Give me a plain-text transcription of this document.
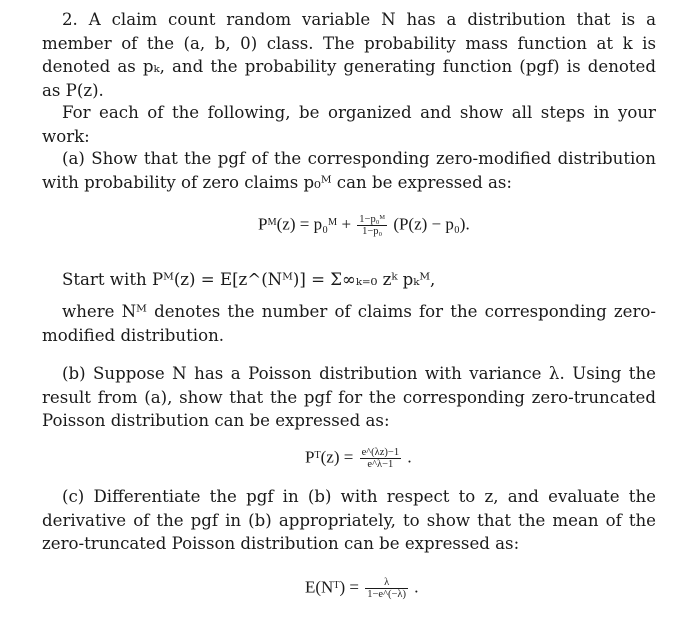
2. A claim count random variable N has a distribution that is a member of the (a, b, 0) class. The probability mass function at k is denoted as pₖ, and the probability generating function (pgf) is denoted as P(z).

For each of the following, be organized and show all steps in your work:

(a) Show that the pgf of the corresponding zero-modified distribution with probability of zero claims p₀ᴹ can be expressed as:

Pᴹ(z) = p₀ᴹ + $\frac{\text{1−p₀ᴹ}}{\text{1−p₀}} (P(z) - p_0)$.

Start with Pᴹ(z) = E[z^(Nᴹ)] = Σ∞ₖ₌₀ zᵏ pₖᴹ,

where Nᴹ denotes the number of claims for the corresponding zero-modified distribution.

(b) Suppose N has a Poisson distribution with variance λ. Using the result from (a), show that the pgf for the corresponding zero-truncated Poisson distribution can be expressed as:

Pᵀ(z) = $\frac{e\^{}(\lambda z)-1}{e\^{}\lambda-1}$ .

(c) Differentiate the pgf in (b) with respect to z, and evaluate the derivative of the pgf in (b) appropriately, to show that the mean of the zero-truncated Poisson distribution can be expressed as:

E(Nᵀ) = $\frac{\lambda}{1-e\^{}(-\lambda)}$ .
